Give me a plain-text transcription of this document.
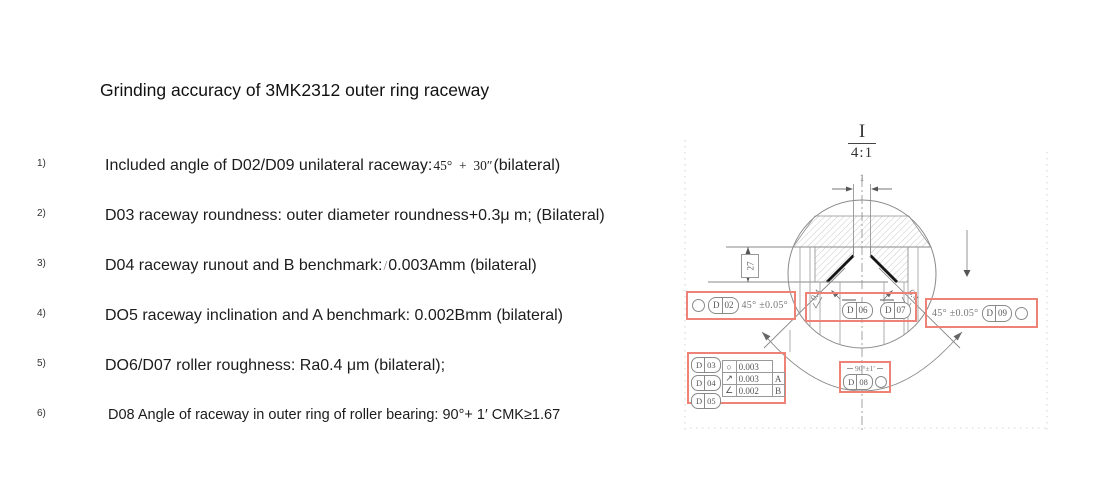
Grinding accuracy of 3MK2312 outer ring raceway
1)	Included angle of D02/D09 unilateral raceway:45°  +  30″(bilateral)
2)	D03 raceway roundness: outer diameter roundness+0.3μ m; (Bilateral)
3)	D04 raceway runout and B benchmark:/0.003Amm (bilateral)
4)	DO5 raceway inclination and A benchmark: 0.002Bmm (bilateral)
5)	DO6/D07 roller roughness: Ra0.4 μm (bilateral);
6)	D08 Angle of raceway in outer ring of roller bearing: 90°+ 1′ CMK≥1.67
I
4:1
1
27
0.4	0.4
D 06	D 07
D 02 45° ±0.05°
45° ±0.05° D 09
D 03
D 04
D 05
○ 0.003
↗ 0.003	A
∠ 0.002	B
90°±1′
D 08
